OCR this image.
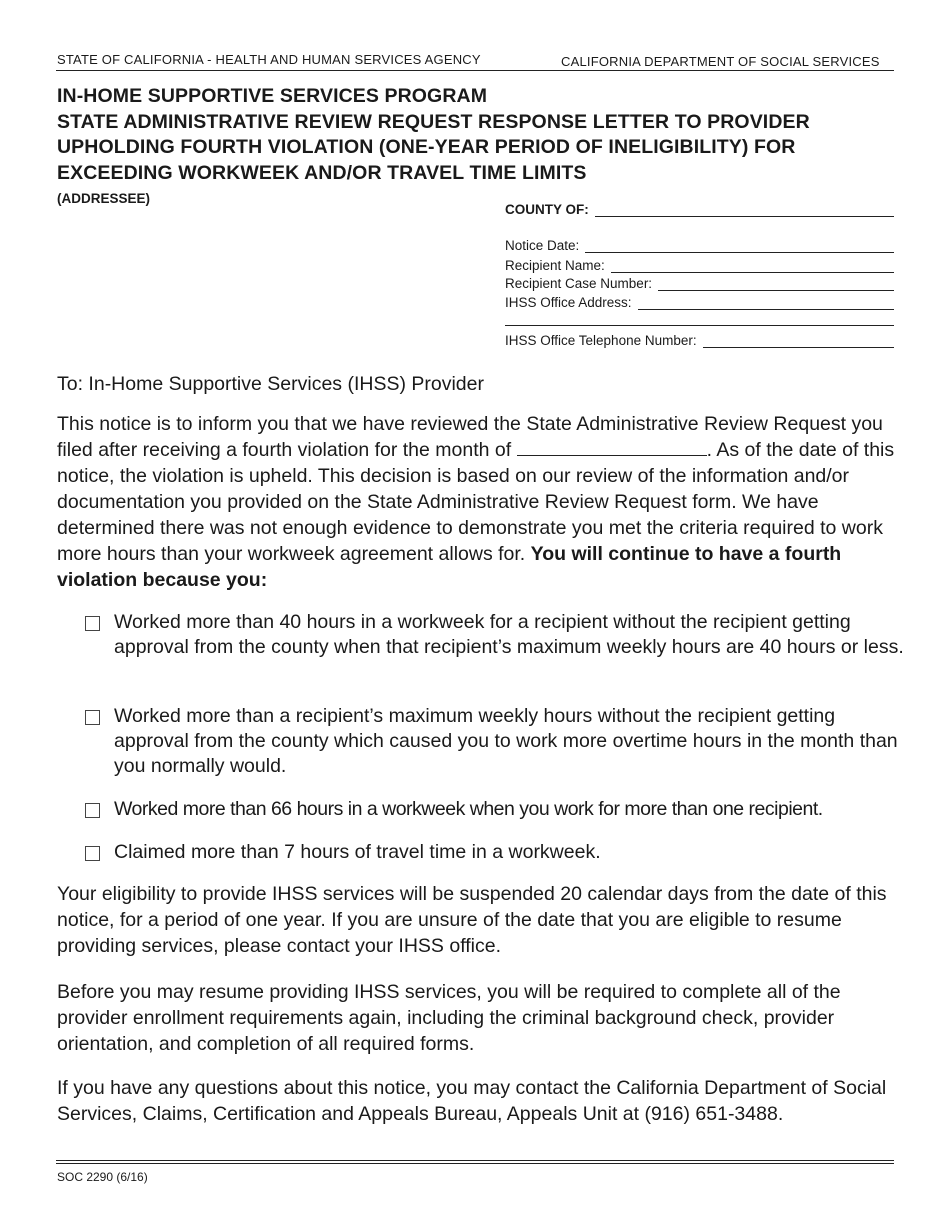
STATE OF CALIFORNIA - HEALTH AND HUMAN SERVICES AGENCY	CALIFORNIA DEPARTMENT OF SOCIAL SERVICES
IN-HOME SUPPORTIVE SERVICES PROGRAM
STATE ADMINISTRATIVE REVIEW REQUEST RESPONSE LETTER TO PROVIDER
UPHOLDING FOURTH VIOLATION (ONE-YEAR PERIOD OF INELIGIBILITY) FOR
EXCEEDING WORKWEEK AND/OR TRAVEL TIME LIMITS
(ADDRESSEE)
COUNTY OF:
Notice Date:
Recipient Name:
Recipient Case Number:
IHSS Office Address:
IHSS Office Telephone Number:
To: In-Home Supportive Services (IHSS) Provider
This notice is to inform you that we have reviewed the State Administrative Review Request you filed after receiving a fourth violation for the month of	. As of the date of this notice, the violation is upheld. This decision is based on our review of the information and/or documentation you provided on the State Administrative Review Request form. We have determined there was not enough evidence to demonstrate you met the criteria required to work more hours than your workweek agreement allows for. You will continue to have a fourth violation because you:
Worked more than 40 hours in a workweek for a recipient without the recipient getting approval from the county when that recipient’s maximum weekly hours are 40 hours or less.
Worked more than a recipient’s maximum weekly hours without the recipient getting approval from the county which caused you to work more overtime hours in the month than you normally would.
Worked more than 66 hours in a workweek when you work for more than one recipient.
Claimed more than 7 hours of travel time in a workweek.
Your eligibility to provide IHSS services will be suspended 20 calendar days from the date of this notice, for a period of one year. If you are unsure of the date that you are eligible to resume providing services, please contact your IHSS office.
Before you may resume providing IHSS services, you will be required to complete all of the provider enrollment requirements again, including the criminal background check, provider orientation, and completion of all required forms.
If you have any questions about this notice, you may contact the California Department of Social Services, Claims, Certification and Appeals Bureau, Appeals Unit at (916) 651-3488.
SOC 2290 (6/16)
